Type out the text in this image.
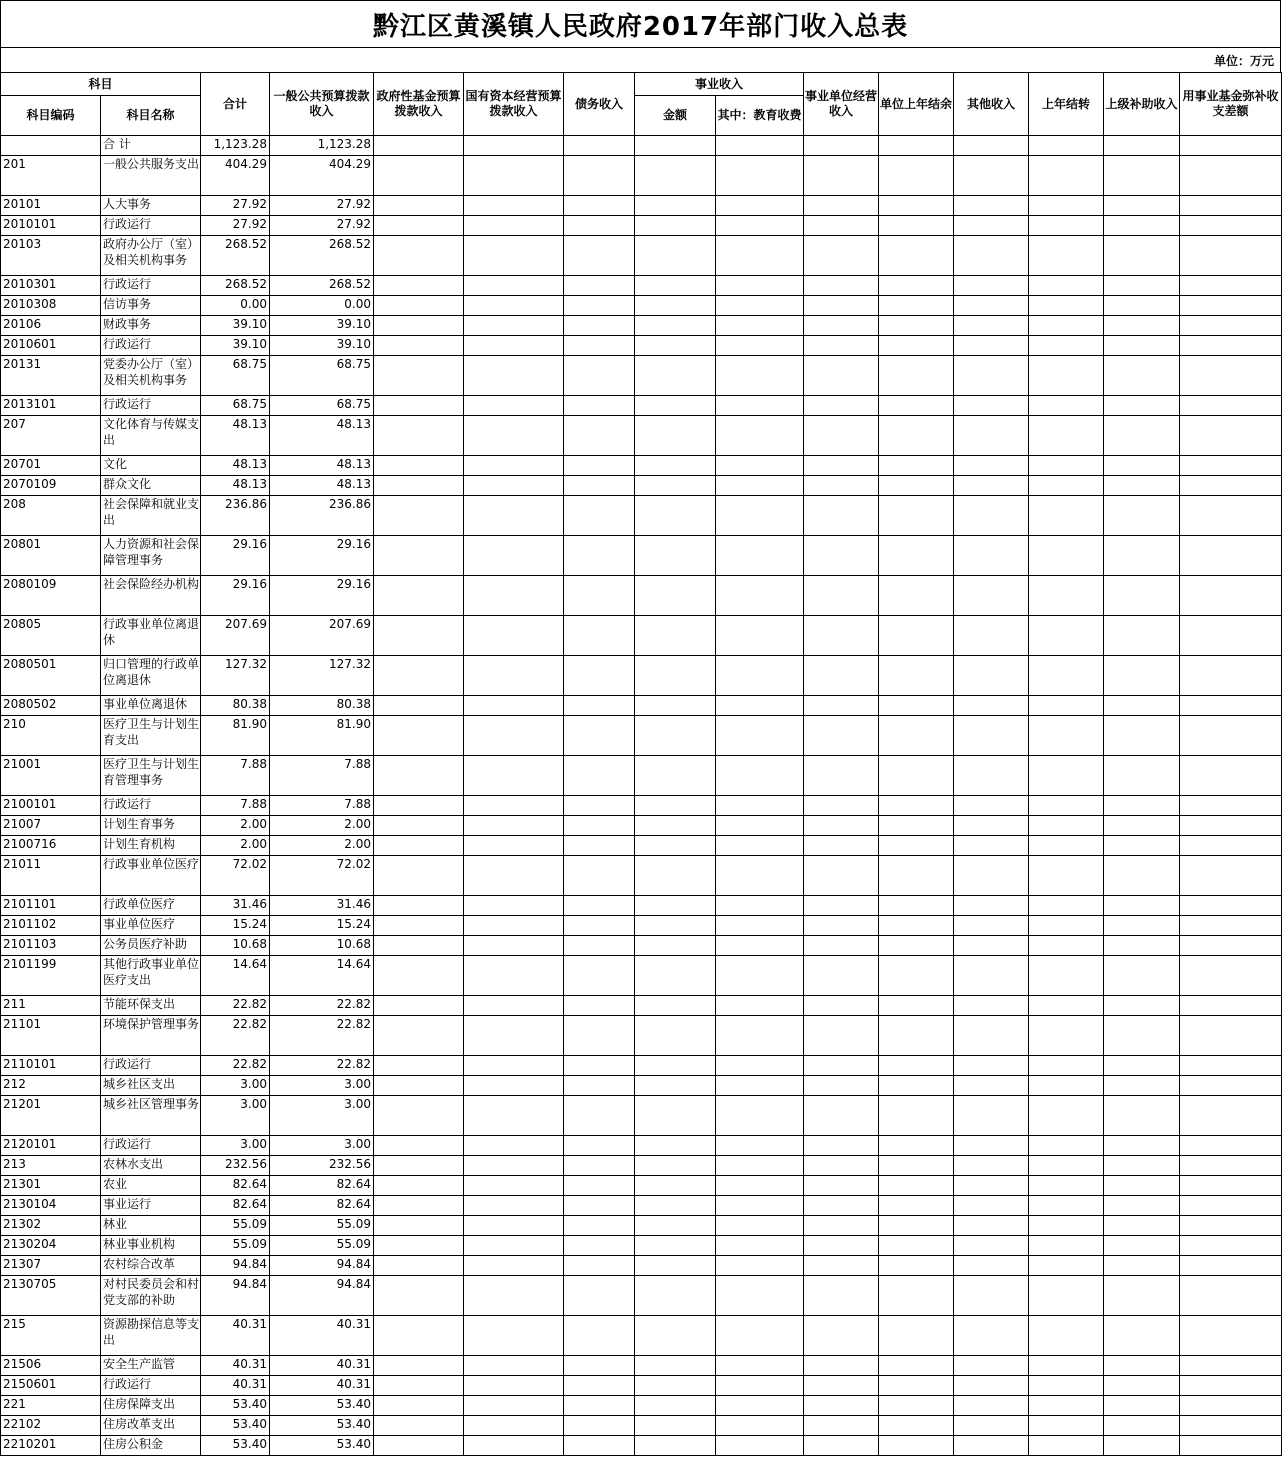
黔江区黄溪镇人民政府2017年部门收入总表
单位：万元
科目		合计	一般公共预算拨款收入	政府性基金预算拨款收入	国有资本经营预算拨款收入	债务收入	事业收入		事业单位经营收入	单位上年结余	其他收入	上年结转	上级补助收入	用事业基金弥补收支差额
科目编码	科目名称						金额	其中：教育收费						
	合 计	1,123.28	1,123.28											
201	一般公共服务支出	404.29	404.29											
20101	人大事务	27.92	27.92											
2010101	行政运行	27.92	27.92											
20103	政府办公厅（室）及相关机构事务	268.52	268.52											
2010301	行政运行	268.52	268.52											
2010308	信访事务	0.00	0.00											
20106	财政事务	39.10	39.10											
2010601	行政运行	39.10	39.10											
20131	党委办公厅（室）及相关机构事务	68.75	68.75											
2013101	行政运行	68.75	68.75											
207	文化体育与传媒支出	48.13	48.13											
20701	文化	48.13	48.13											
2070109	群众文化	48.13	48.13											
208	社会保障和就业支出	236.86	236.86											
20801	人力资源和社会保障管理事务	29.16	29.16											
2080109	社会保险经办机构	29.16	29.16											
20805	行政事业单位离退休	207.69	207.69											
2080501	归口管理的行政单位离退休	127.32	127.32											
2080502	事业单位离退休	80.38	80.38											
210	医疗卫生与计划生育支出	81.90	81.90											
21001	医疗卫生与计划生育管理事务	7.88	7.88											
2100101	行政运行	7.88	7.88											
21007	计划生育事务	2.00	2.00											
2100716	计划生育机构	2.00	2.00											
21011	行政事业单位医疗	72.02	72.02											
2101101	行政单位医疗	31.46	31.46											
2101102	事业单位医疗	15.24	15.24											
2101103	公务员医疗补助	10.68	10.68											
2101199	其他行政事业单位医疗支出	14.64	14.64											
211	节能环保支出	22.82	22.82											
21101	环境保护管理事务	22.82	22.82											
2110101	行政运行	22.82	22.82											
212	城乡社区支出	3.00	3.00											
21201	城乡社区管理事务	3.00	3.00											
2120101	行政运行	3.00	3.00											
213	农林水支出	232.56	232.56											
21301	农业	82.64	82.64											
2130104	事业运行	82.64	82.64											
21302	林业	55.09	55.09											
2130204	林业事业机构	55.09	55.09											
21307	农村综合改革	94.84	94.84											
2130705	对村民委员会和村党支部的补助	94.84	94.84											
215	资源勘探信息等支出	40.31	40.31											
21506	安全生产监管	40.31	40.31											
2150601	行政运行	40.31	40.31											
221	住房保障支出	53.40	53.40											
22102	住房改革支出	53.40	53.40											
2210201	住房公积金	53.40	53.40											
